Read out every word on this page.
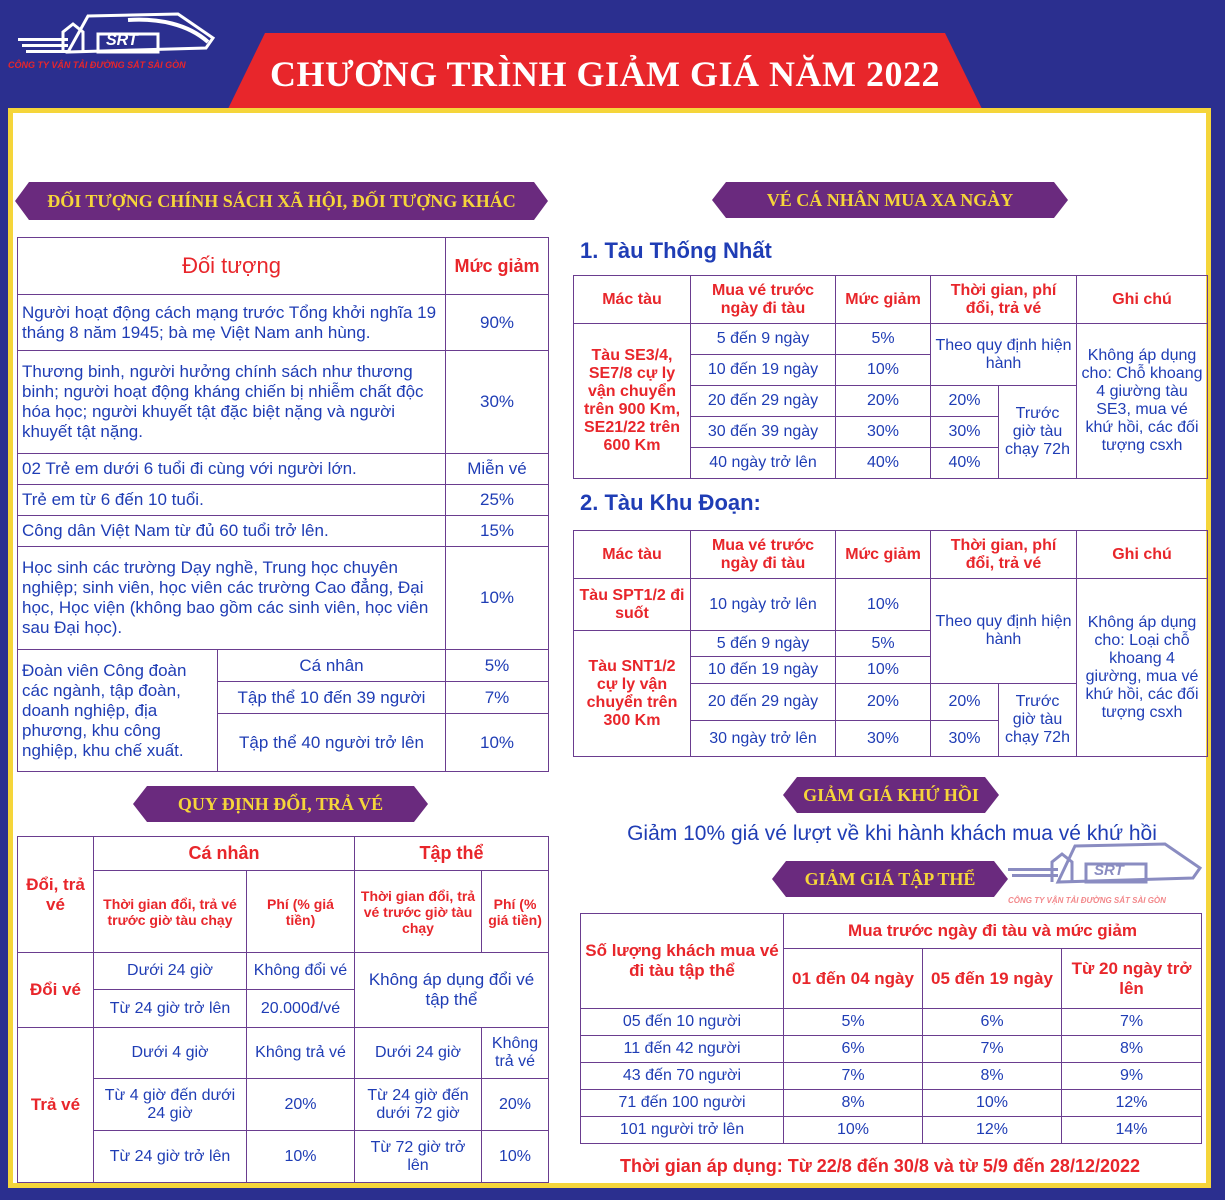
SRT
CÔNG TY VẬN TẢI ĐƯỜNG SẮT SÀI GÒN	CHƯƠNG TRÌNH GIẢM GIÁ NĂM 2022
ĐỐI TƯỢNG CHÍNH SÁCH XÃ HỘI, ĐỐI TƯỢNG KHÁC
Đối tượng		Mức giảm
Người hoạt động cách mạng trước Tổng khởi nghĩa 19 tháng 8 năm 1945; bà mẹ Việt Nam anh hùng.		90%
Thương binh, người hưởng chính sách như thương binh; người hoạt động kháng chiến bị nhiễm chất độc hóa học; người khuyết tật đặc biệt nặng và người khuyết tật nặng.		30%
02 Trẻ em dưới 6 tuổi đi cùng với người lớn.		Miễn vé
Trẻ em từ 6 đến 10 tuổi.		25%
Công dân Việt Nam từ đủ 60 tuổi trở lên.		15%
Học sinh các trường Dạy nghề, Trung học chuyên nghiệp; sinh viên, học viên các trường Cao đẳng, Đại học, Học viện (không bao gồm các sinh viên, học viên sau Đại học).		10%
Đoàn viên Công đoàn các ngành, tập đoàn, doanh nghiệp, địa phương, khu công nghiệp, khu chế xuất.	Cá nhân	5%
	Tập thể 10 đến 39 người	7%
	Tập thể 40 người trở lên	10%
QUY ĐỊNH ĐỔI, TRẢ VÉ
Đổi, trả vé	Cá nhân		Tập thể	
	Thời gian đổi, trả vé trước giờ tàu chạy	Phí (% giá tiền)	Thời gian đổi, trả vé trước giờ tàu chạy	Phí (% giá tiền)
Đổi vé	Dưới 24 giờ	Không đổi vé	Không áp dụng đổi vé tập thể	
	Từ 24 giờ trở lên	20.000đ/vé		
Trả vé	Dưới 4 giờ	Không trả vé	Dưới 24 giờ	Không trả vé
	Từ 4 giờ đến dưới 24 giờ	20%	Từ 24 giờ đến dưới 72 giờ	20%
	Từ 24 giờ trở lên	10%	Từ 72 giờ trở lên	10%
VÉ CÁ NHÂN MUA XA NGÀY
1. Tàu Thống Nhất
Mác tàu	Mua vé trước ngày đi tàu	Mức giảm	Thời gian, phí đổi, trả vé		Ghi chú
Tàu SE3/4, SE7/8 cự ly vận chuyển trên 900 Km, SE21/22 trên 600 Km	5 đến 9 ngày	5%	Theo quy định hiện hành		Không áp dụng cho: Chỗ khoang 4 giường tàu SE3, mua vé khứ hồi, các đối tượng csxh
	10 đến 19 ngày	10%			
	20 đến 29 ngày	20%	20%	Trước giờ tàu chạy 72h	
	30 đến 39 ngày	30%	30%		
	40 ngày trở lên	40%	40%		
2. Tàu Khu Đoạn:
Mác tàu	Mua vé trước ngày đi tàu	Mức giảm	Thời gian, phí đổi, trả vé		Ghi chú
Tàu SPT1/2 đi suốt	10 ngày trở lên	10%	Theo quy định hiện hành		Không áp dụng cho: Loại chỗ khoang 4 giường, mua vé khứ hồi, các đối tượng csxh
Tàu SNT1/2 cự ly vận chuyển trên 300 Km	5 đến 9 ngày	5%			
	10 đến 19 ngày	10%			
	20 đến 29 ngày	20%	20%	Trước giờ tàu chạy 72h	
	30 ngày trở lên	30%	30%		
GIẢM GIÁ KHỨ HỒI
Giảm 10% giá vé lượt về khi hành khách mua vé khứ hồi
SRT
CÔNG TY VẬN TẢI ĐƯỜNG SẮT SÀI GÒN
GIẢM GIÁ TẬP THỂ
Số lượng khách mua vé đi tàu tập thể	Mua trước ngày đi tàu và mức giảm		
	01 đến 04 ngày	05 đến 19 ngày	Từ 20 ngày trở lên
05 đến 10 người	5%	6%	7%
11 đến 42 người	6%	7%	8%
43 đến 70 người	7%	8%	9%
71 đến 100 người	8%	10%	12%
101 người trở lên	10%	12%	14%
Thời gian áp dụng: Từ 22/8 đến 30/8 và từ 5/9 đến 28/12/2022
